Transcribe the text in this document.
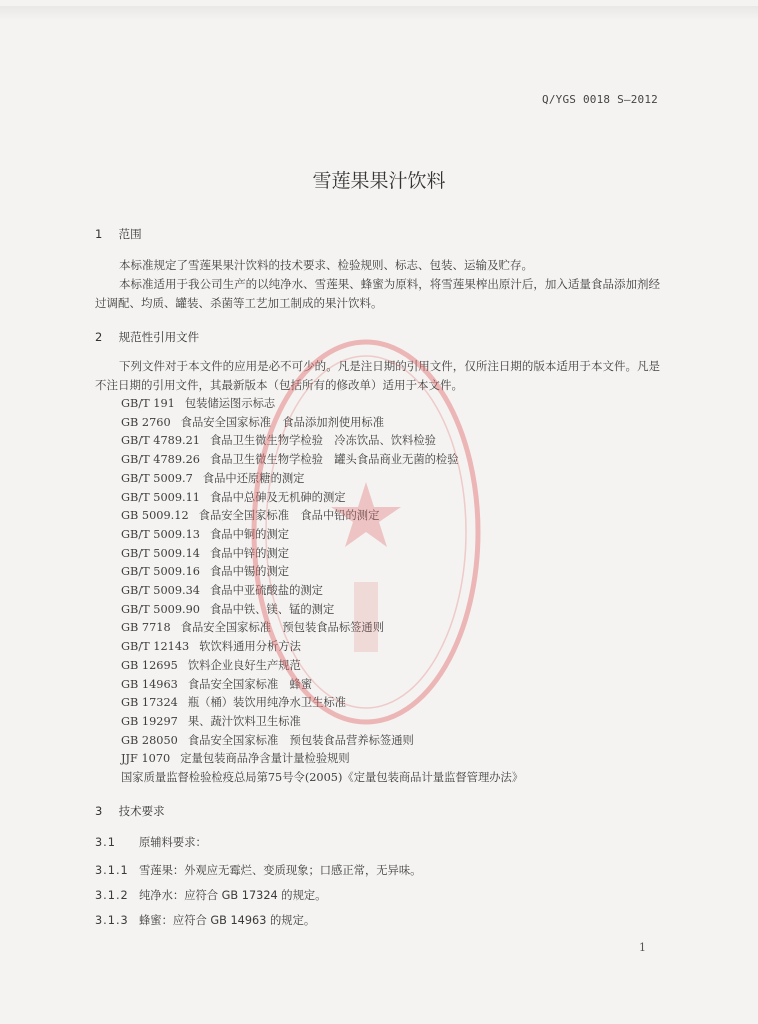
Q/YGS 0018 S—2012
雪莲果果汁饮料
1 范围
本标准规定了雪莲果果汁饮料的技术要求、检验规则、标志、包装、运输及贮存。
本标准适用于我公司生产的以纯净水、雪莲果、蜂蜜为原料，将雪莲果榨出原汁后，加入适量食品添加剂经过调配、均质、罐装、杀菌等工艺加工制成的果汁饮料。
2 规范性引用文件
下列文件对于本文件的应用是必不可少的。凡是注日期的引用文件，仅所注日期的版本适用于本文件。凡是不注日期的引用文件，其最新版本（包括所有的修改单）适用于本文件。
GB/T 191 包装储运图示标志
GB 2760 食品安全国家标准　食品添加剂使用标准
GB/T 4789.21 食品卫生微生物学检验　冷冻饮品、饮料检验
GB/T 4789.26 食品卫生微生物学检验　罐头食品商业无菌的检验
GB/T 5009.7 食品中还原糖的测定
GB/T 5009.11 食品中总砷及无机砷的测定
GB 5009.12 食品安全国家标准　食品中铅的测定
GB/T 5009.13 食品中铜的测定
GB/T 5009.14 食品中锌的测定
GB/T 5009.16 食品中锡的测定
GB/T 5009.34 食品中亚硫酸盐的测定
GB/T 5009.90 食品中铁、镁、锰的测定
GB 7718 食品安全国家标准　预包装食品标签通则
GB/T 12143 软饮料通用分析方法
GB 12695 饮料企业良好生产规范
GB 14963 食品安全国家标准　蜂蜜
GB 17324 瓶（桶）装饮用纯净水卫生标准
GB 19297 果、蔬汁饮料卫生标准
GB 28050 食品安全国家标准　预包装食品营养标签通则
JJF 1070 定量包装商品净含量计量检验规则
国家质量监督检验检疫总局第75号令(2005)《定量包装商品计量监督管理办法》
3 技术要求
3.1 原辅料要求：
3.1.1 雪莲果：外观应无霉烂、变质现象；口感正常，无异味。
3.1.2 纯净水：应符合 GB 17324 的规定。
3.1.3 蜂蜜：应符合 GB 14963 的规定。
1
